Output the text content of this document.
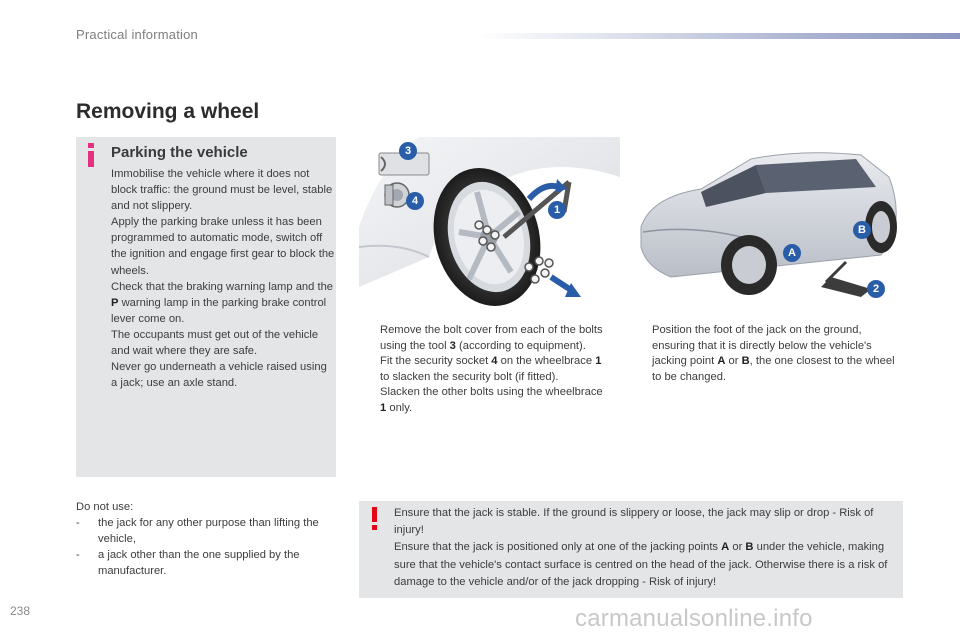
Practical information
Removing a wheel
Parking the vehicle

Immobilise the vehicle where it does not block traffic: the ground must be level, stable and not slippery.

Apply the parking brake unless it has been programmed to automatic mode, switch off the ignition and engage first gear to block the wheels.

Check that the braking warning lamp and the P warning lamp in the parking brake control lever come on.

The occupants must get out of the vehicle and wait where they are safe.

Never go underneath a vehicle raised using a jack; use an axle stand.

3
4
1
A
B
2
Remove the bolt cover from each of the bolts using the tool 3 (according to equipment).
Fit the security socket 4 on the wheelbrace 1 to slacken the security bolt (if fitted).
Slacken the other bolts using the wheelbrace 1 only.
Position the foot of the jack on the ground, ensuring that it is directly below the vehicle's jacking point A or B, the one closest to the wheel to be changed.

Do not use:

- the jack for any other purpose than lifting the vehicle,

- a jack other than the one supplied by the manufacturer.

Ensure that the jack is stable. If the ground is slippery or loose, the jack may slip or drop - Risk of injury!

Ensure that the jack is positioned only at one of the jacking points A or B under the vehicle, making sure that the vehicle's contact surface is centred on the head of the jack. Otherwise there is a risk of damage to the vehicle and/or of the jack dropping - Risk of injury!

238	carmanualsonline.info
